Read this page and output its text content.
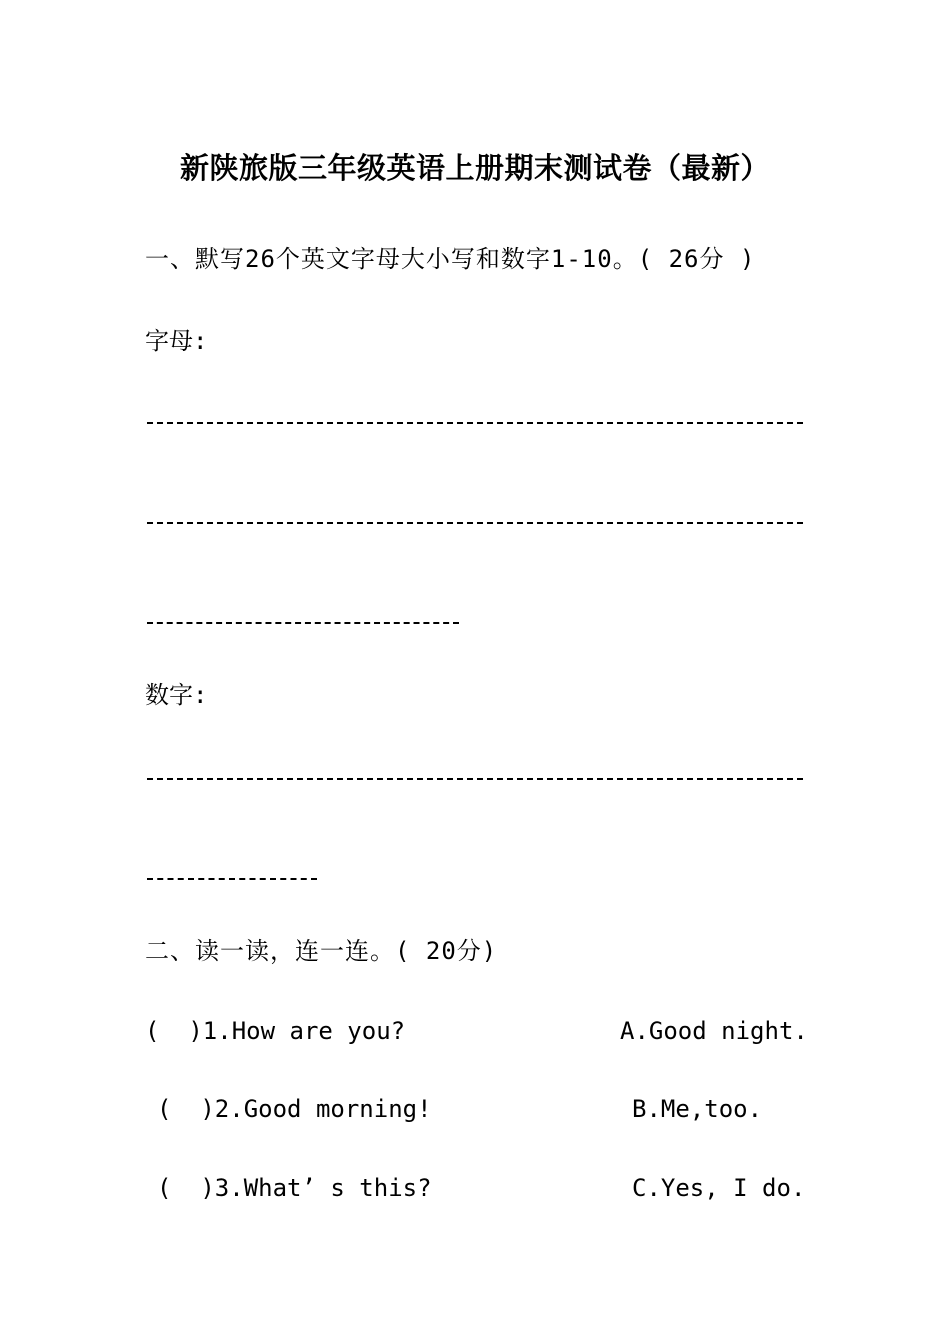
新陕旅版三年级英语上册期末测试卷（最新）
一、默写26个英文字母大小写和数字1-10。( 26分 )
字母:
数字:
二、读一读，连一连。( 20分)
(  )1.How are you?	A.Good night.
(  )2.Good morning!	B.Me,too.
(  )3.What’ s this?	C.Yes, I do.
